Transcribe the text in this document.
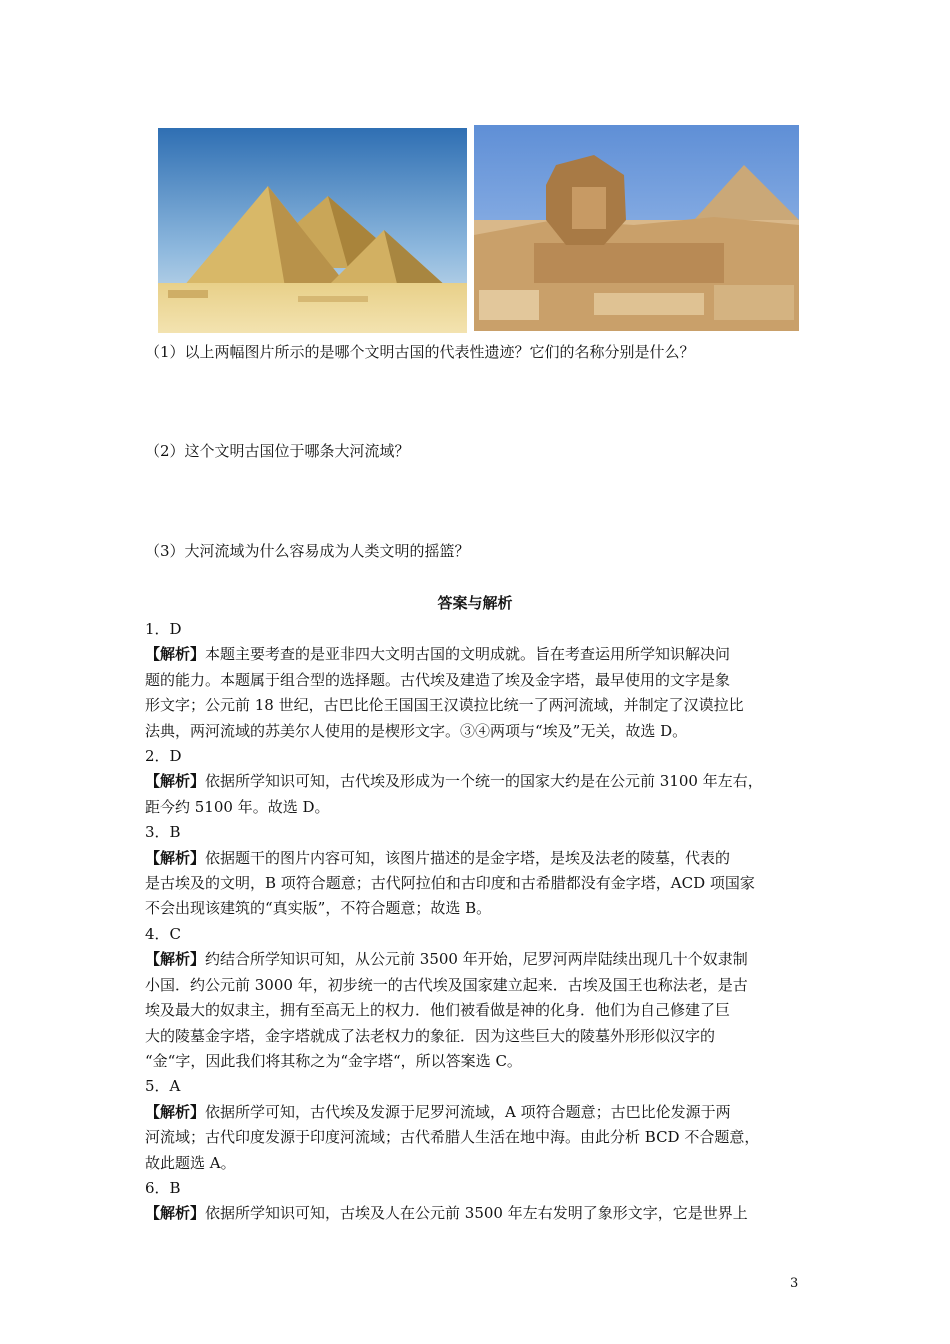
（1）以上两幅图片所示的是哪个文明古国的代表性遗迹？它们的名称分别是什么？
（2）这个文明古国位于哪条大河流域？
（3）大河流域为什么容易成为人类文明的摇篮？
答案与解析
1．D
【解析】本题主要考查的是亚非四大文明古国的文明成就。旨在考查运用所学知识解决问
题的能力。本题属于组合型的选择题。古代埃及建造了埃及金字塔，最早使用的文字是象
形文字；公元前 18 世纪，古巴比伦王国国王汉谟拉比统一了两河流域，并制定了汉谟拉比
法典，两河流域的苏美尔人使用的是楔形文字。③④两项与“埃及”无关，故选 D。
2．D
【解析】依据所学知识可知，古代埃及形成为一个统一的国家大约是在公元前 3100 年左右，
距今约 5100 年。故选 D。
3．B
【解析】依据题干的图片内容可知，该图片描述的是金字塔，是埃及法老的陵墓，代表的
是古埃及的文明，B 项符合题意；古代阿拉伯和古印度和古希腊都没有金字塔，ACD 项国家
不会出现该建筑的“真实版”，不符合题意；故选 B。
4．C
【解析】约结合所学知识可知，从公元前 3500 年开始，尼罗河两岸陆续出现几十个奴隶制
小国．约公元前 3000 年，初步统一的古代埃及国家建立起来．古埃及国王也称法老，是古
埃及最大的奴隶主，拥有至高无上的权力．他们被看做是神的化身．他们为自己修建了巨
大的陵墓金字塔，金字塔就成了法老权力的象征．因为这些巨大的陵墓外形形似汉字的
“金“字，因此我们将其称之为“金字塔“，所以答案选 C。
5．A
【解析】依据所学可知，古代埃及发源于尼罗河流域，A 项符合题意；古巴比伦发源于两
河流域；古代印度发源于印度河流域；古代希腊人生活在地中海。由此分析 BCD 不合题意，
故此题选 A。
6．B
【解析】依据所学知识可知，古埃及人在公元前 3500 年左右发明了象形文字，它是世界上
3
